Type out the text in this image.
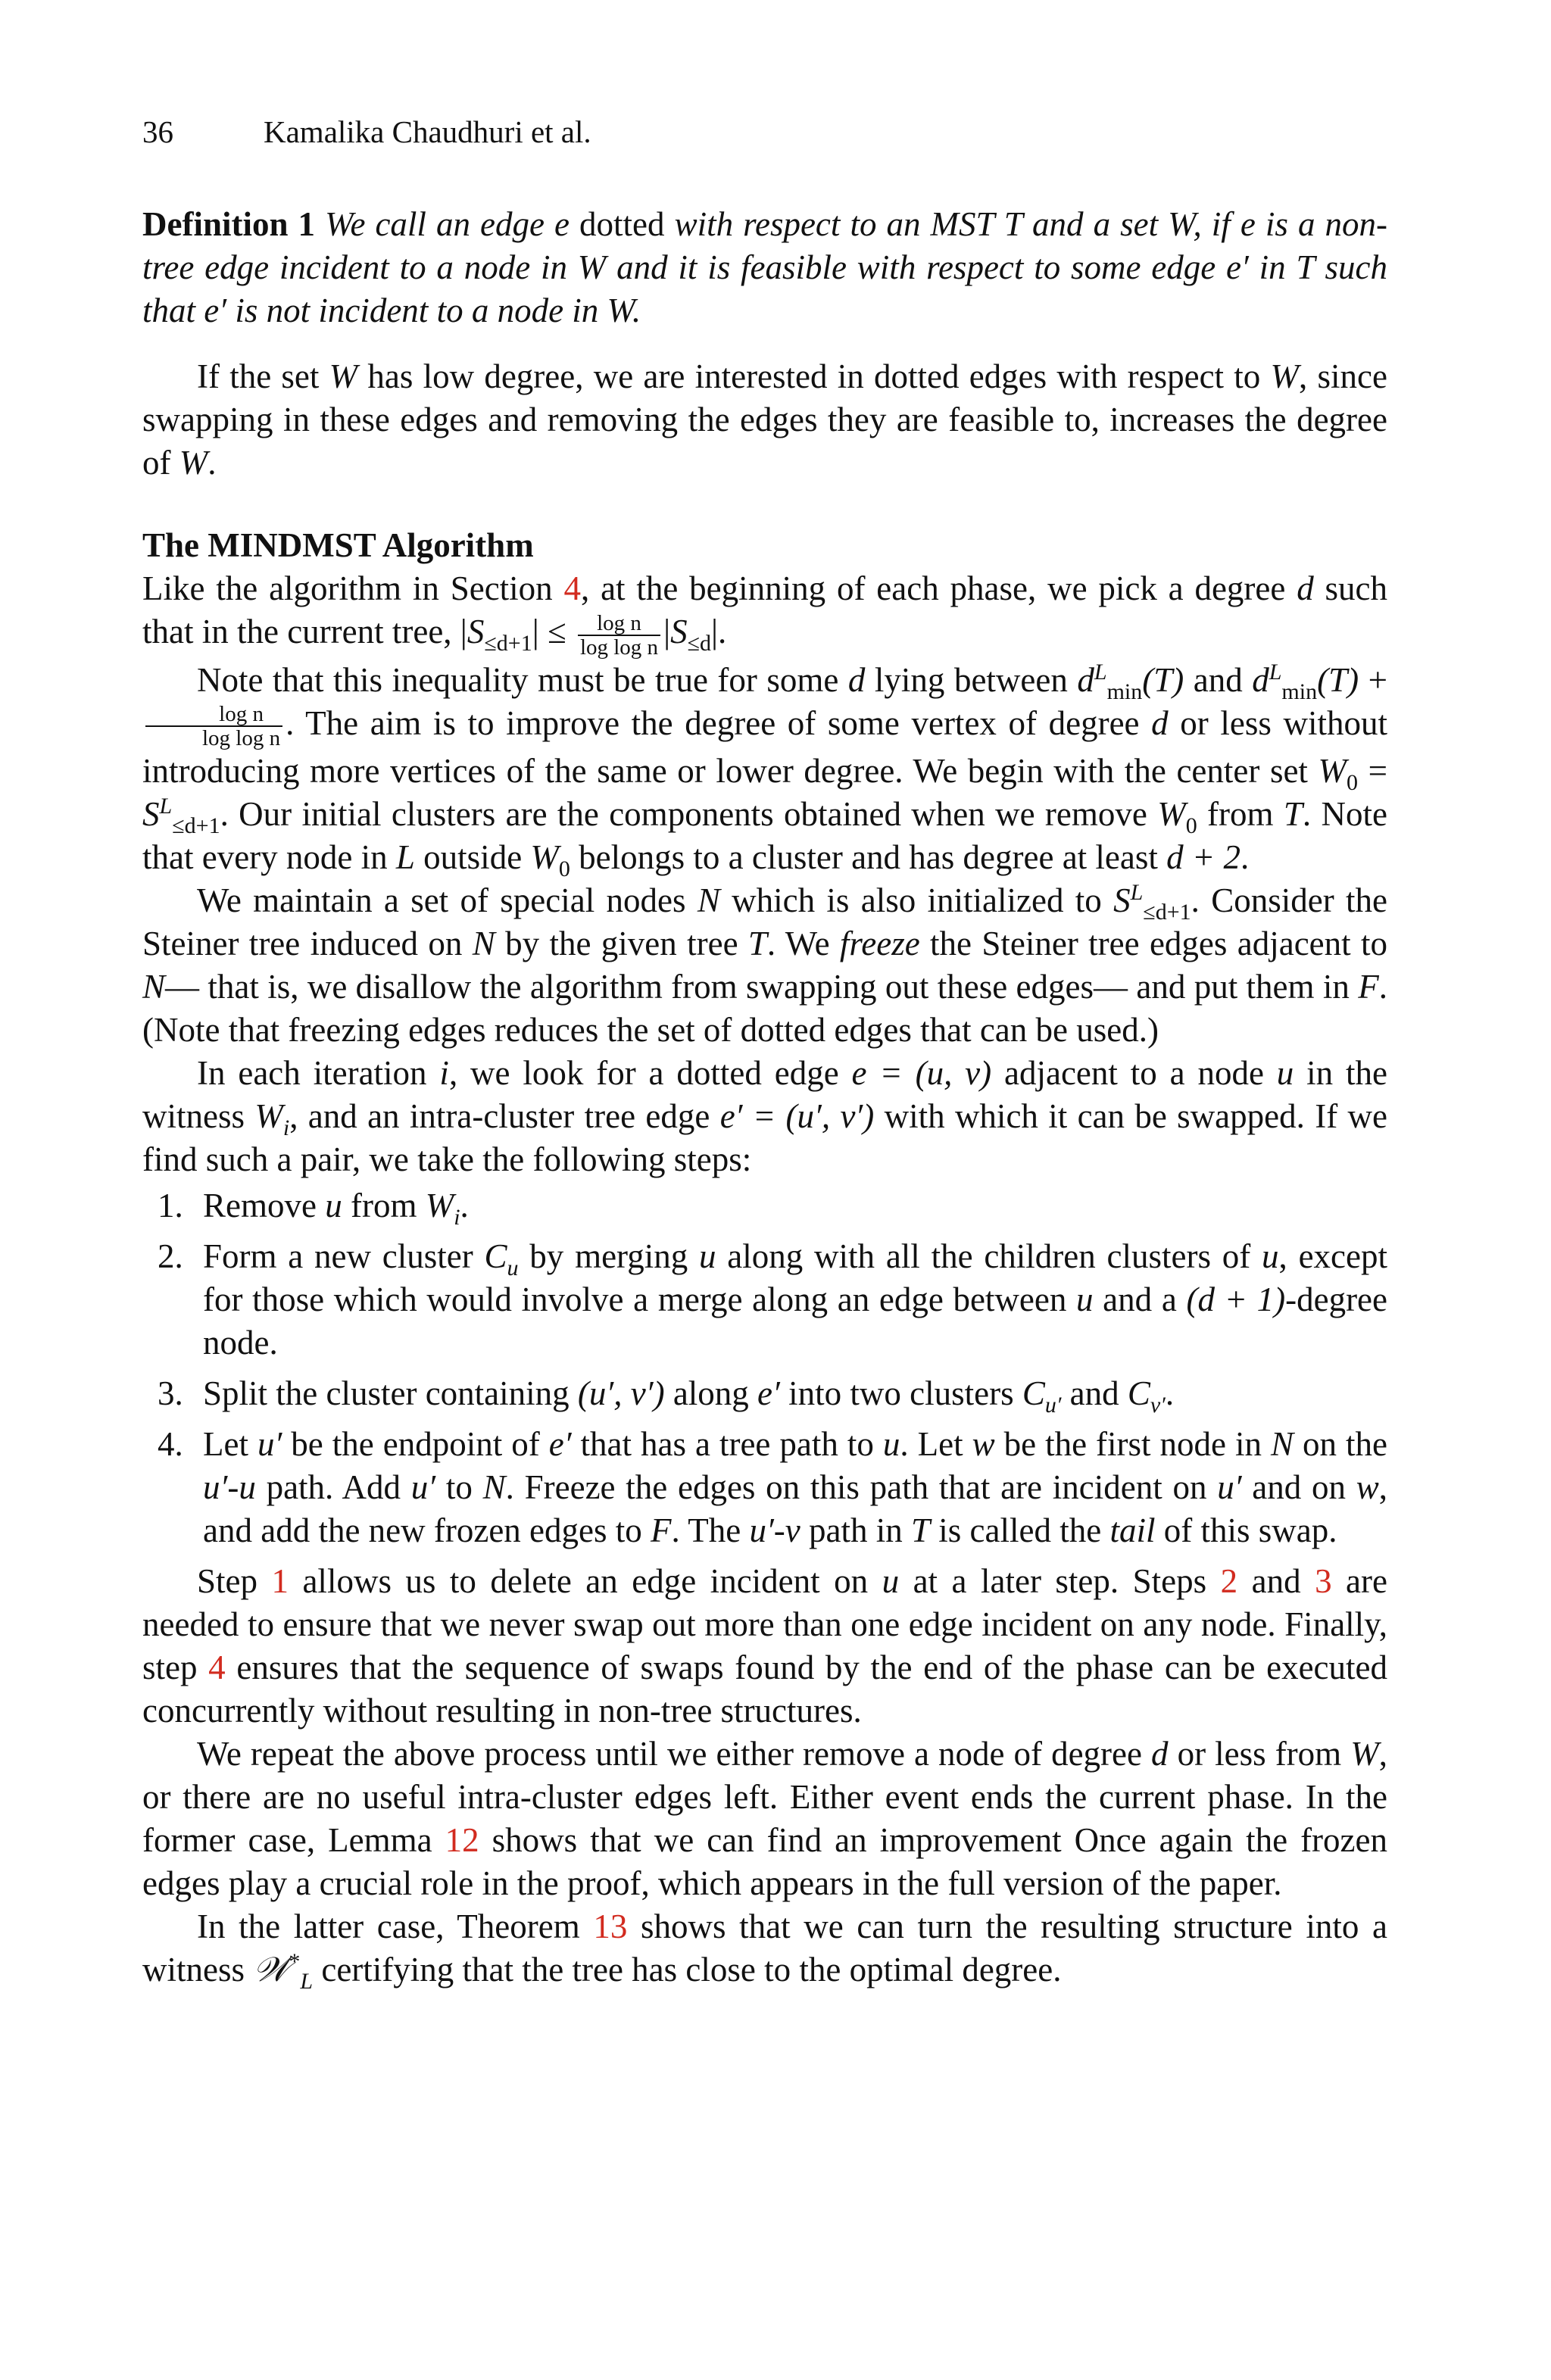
36	Kamalika Chaudhuri et al.

Definition 1 We call an edge e dotted with respect to an MST T and a set W, if e is a non-tree edge incident to a node in W and it is feasible with respect to some edge e′ in T such that e′ is not incident to a node in W.

If the set W has low degree, we are interested in dotted edges with respect to W, since swapping in these edges and removing the edges they are feasible to, increases the degree of W.

The MINDMST Algorithm

Like the algorithm in Section 4, at the beginning of each phase, we pick a degree d such that in the current tree, $|S_{\le d+1}| \le \frac{\text{log n}}{\text{log log n}} |S_{\le d}|$.

Note that this inequality must be true for some d lying between $d^L_{min}(T)$ and $d^L_{min}(T)$ +
$\frac{\text{log n}}{\text{log log n}}$ . The aim is to improve the degree of some vertex of degree d or less without introducing more vertices of the same or lower degree. We begin with the center set $W_0 = S^L_{\le d+1}$. Our initial clusters are the components obtained when we remove $W_0$ from T. Note that every node in L outside $W_0$ belongs to a cluster and has degree at least d + 2.

We maintain a set of special nodes N which is also initialized to $S^L_{\le d+1}$. Consider the Steiner tree induced on N by the given tree T. We freeze the Steiner tree edges adjacent to N— that is, we disallow the algorithm from swapping out these edges— and put them in F. (Note that freezing edges reduces the set of dotted edges that can be used.)

In each iteration i, we look for a dotted edge e = (u, v) adjacent to a node u in the witness $W_i$, and an intra-cluster tree edge e′ = (u′, v′) with which it can be swapped. If we find such a pair, we take the following steps:

1. Remove u from $W_i$.
2. Form a new cluster $C_u$ by merging u along with all the children clusters of u, except for those which would involve a merge along an edge between u and a (d + 1)-degree node.
3. Split the cluster containing (u′, v′) along e′ into two clusters $C_{u'}$ and $C_{v'}$.
4. Let u′ be the endpoint of e′ that has a tree path to u. Let w be the first node in N on the u′-u path. Add u′ to N. Freeze the edges on this path that are incident on u′ and on w, and add the new frozen edges to F. The u′-v path in T is called the tail of this swap.

Step 1 allows us to delete an edge incident on u at a later step. Steps 2 and 3 are needed to ensure that we never swap out more than one edge incident on any node. Finally, step 4 ensures that the sequence of swaps found by the end of the phase can be executed concurrently without resulting in non-tree structures.

We repeat the above process until we either remove a node of degree d or less from W, or there are no useful intra-cluster edges left. Either event ends the current phase. In the former case, Lemma 12 shows that we can find an improvement Once again the frozen edges play a crucial role in the proof, which appears in the full version of the paper.

In the latter case, Theorem 13 shows that we can turn the resulting structure into a witness 𝒲*$_L$ certifying that the tree has close to the optimal degree.
